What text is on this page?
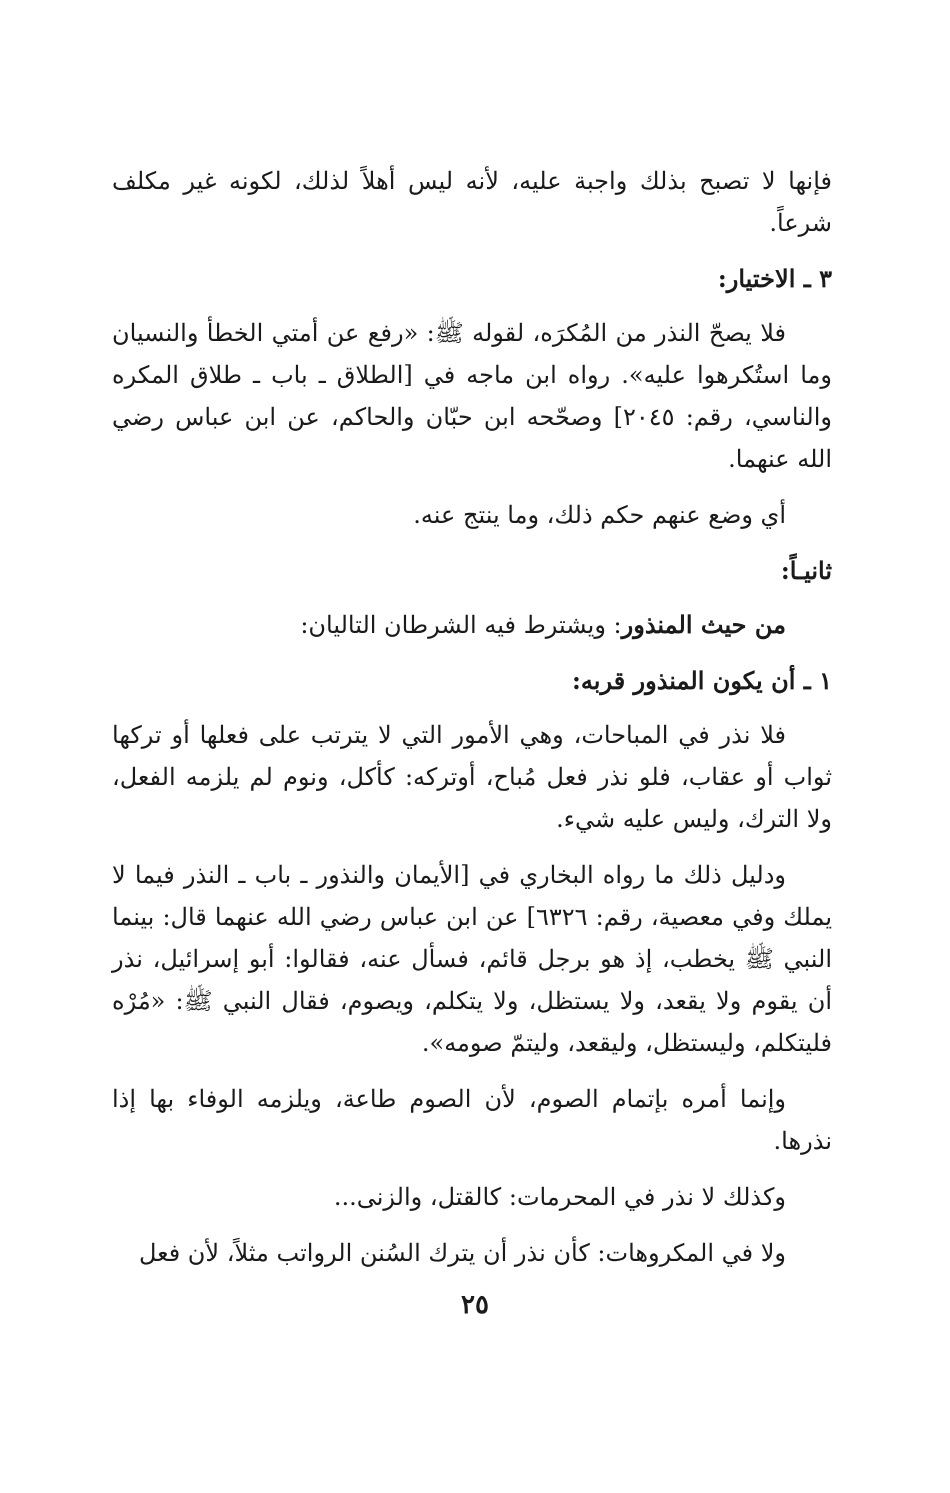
فإنها لا تصبح بذلك واجبة عليه، لأنه ليس أهلاً لذلك، لكونه غير مكلف شرعاً.

٣ ـ الاختيار:

فلا يصحّ النذر من المُكرَه، لقوله ﷺ: «رفع عن أمتي الخطأ والنسيان وما استُكرهوا عليه». رواه ابن ماجه في [الطلاق ـ باب ـ طلاق المكره والناسي، رقم: ٢٠٤٥] وصحّحه ابن حبّان والحاكم، عن ابن عباس رضي الله عنهما.

أي وضع عنهم حكم ذلك، وما ينتج عنه.

ثانيـاً:

من حيث المنذور: ويشترط فيه الشرطان التاليان:

١ ـ أن يكون المنذور قربه:

فلا نذر في المباحات، وهي الأمور التي لا يترتب على فعلها أو تركها ثواب أو عقاب، فلو نذر فعل مُباح، أوتركه: كأكل، ونوم لم يلزمه الفعل، ولا الترك، وليس عليه شيء.

ودليل ذلك ما رواه البخاري في [الأيمان والنذور ـ باب ـ النذر فيما لا يملك وفي معصية، رقم: ٦٣٢٦] عن ابن عباس رضي الله عنهما قال: بينما النبي ﷺ يخطب، إذ هو برجل قائم، فسأل عنه، فقالوا: أبو إسرائيل، نذر أن يقوم ولا يقعد، ولا يستظل، ولا يتكلم، ويصوم، فقال النبي ﷺ: «مُرْه فليتكلم، وليستظل، وليقعد، وليتمّ صومه».

وإنما أمره بإتمام الصوم، لأن الصوم طاعة، ويلزمه الوفاء بها إذا نذرها.

وكذلك لا نذر في المحرمات: كالقتل، والزنى...

ولا في المكروهات: كأن نذر أن يترك السُنن الرواتب مثلاً، لأن فعل

٢٥
